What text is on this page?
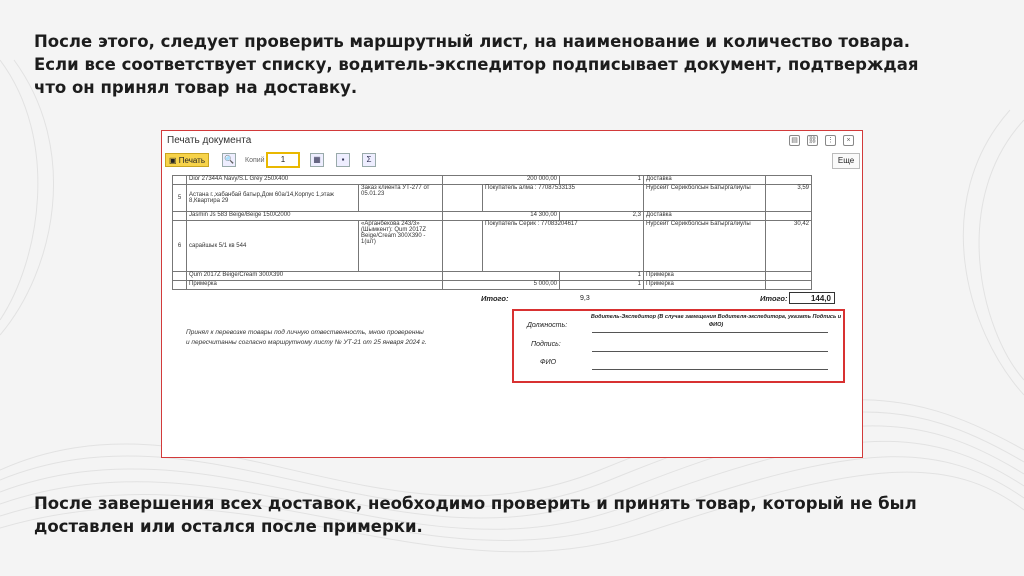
После этого, следует проверить маршрутный лист, на наименование и количество товара.
Если все соответствует списку, водитель-экспедитор подписывает документ, подтверждая
что он принял товар на доставку.
Печать документа	▤	⛓ ⋮	×
▣ Печать	🔍 Копий	1	▦	▪	Σ	Еще
	Dior 27344A Navy/S.L Grey 250X400		200 000,00		1	Доставка	
5	Астана г.,хабанбай батыр,Дом 60а/14,Корпус 1,этаж 8,Квартира 29	Заказ клиента УТ-277 от 05.01.23		Покупатель алма : 77087533135		Нурсейт Серикболсын Батыргалиулы	3,59
	Jasmin Js 583 Beige/Beige 150X2000		14 300,00		2,3	Доставка	
6	сарайшык 5/1 кв 544	«Арганбекова 243/3» (Шымкент): Qum 2017Z Beige/Cream 300X390 - 1(шт)		Покупатель Серик : 77083204617		Нурсейт Серикболсын Батыргалиулы	30,42
	Qum 2017Z Beige/Cream 300X390				1	Примерка	
	Примерка		5 000,00		1	Примерка	
Итого:	9,3	Итого:	144,0
Принял к перевозке товары под личную отвественность, мною проверенны
и пересчитанны согласно маршрутному листу № УТ-21 от 25 января 2024 г.
Должность:
Водитель-Экспедитор (В случае замещения Водителя-экспедитора, указать Подпись и ФИО)
Подпись:
ФИО
После завершения всех доставок, необходимо проверить и принять товар, который не был
доставлен или остался после примерки.
